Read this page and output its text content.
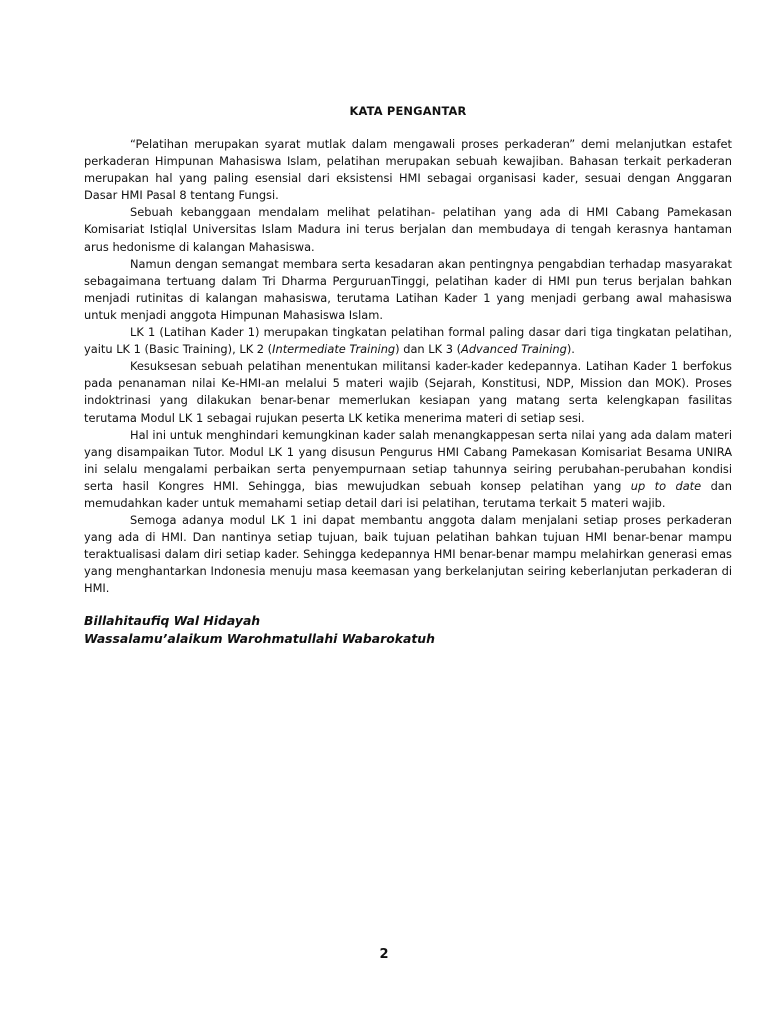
KATA PENGANTAR

“Pelatihan merupakan syarat mutlak dalam mengawali proses perkaderan” demi melanjutkan estafet perkaderan Himpunan Mahasiswa Islam, pelatihan merupakan sebuah kewajiban. Bahasan terkait perkaderan merupakan hal yang paling esensial dari eksistensi HMI sebagai organisasi kader, sesuai dengan Anggaran Dasar HMI Pasal 8 tentang Fungsi.

Sebuah kebanggaan mendalam melihat pelatihan- pelatihan yang ada di HMI Cabang Pamekasan Komisariat Istiqlal Universitas Islam Madura ini terus berjalan dan membudaya di tengah kerasnya hantaman arus hedonisme di kalangan Mahasiswa.

Namun dengan semangat membara serta kesadaran akan pentingnya pengabdian terhadap masyarakat sebagaimana tertuang dalam Tri Dharma PerguruanTinggi, pelatihan kader di HMI pun terus berjalan bahkan menjadi rutinitas di kalangan mahasiswa, terutama Latihan Kader 1 yang menjadi gerbang awal mahasiswa untuk menjadi anggota Himpunan Mahasiswa Islam.

LK 1 (Latihan Kader 1) merupakan tingkatan pelatihan formal paling dasar dari tiga tingkatan pelatihan, yaitu LK 1 (Basic Training), LK 2 (Intermediate Training) dan LK 3 (Advanced Training).

Kesuksesan sebuah pelatihan menentukan militansi kader-kader kedepannya. Latihan Kader 1 berfokus pada penanaman nilai Ke-HMI-an melalui 5 materi wajib (Sejarah, Konstitusi, NDP, Mission dan MOK). Proses indoktrinasi yang dilakukan benar-benar memerlukan kesiapan yang matang serta kelengkapan fasilitas terutama Modul LK 1 sebagai rujukan peserta LK ketika menerima materi di setiap sesi.

Hal ini untuk menghindari kemungkinan kader salah menangkappesan serta nilai yang ada dalam materi yang disampaikan Tutor. Modul LK 1 yang disusun Pengurus HMI Cabang Pamekasan Komisariat Besama UNIRA ini selalu mengalami perbaikan serta penyempurnaan setiap tahunnya seiring perubahan-perubahan kondisi serta hasil Kongres HMI. Sehingga, bias mewujudkan sebuah konsep pelatihan yang up to date dan memudahkan kader untuk memahami setiap detail dari isi pelatihan, terutama terkait 5 materi wajib.

Semoga adanya modul LK 1 ini dapat membantu anggota dalam menjalani setiap proses perkaderan yang ada di HMI. Dan nantinya setiap tujuan, baik tujuan pelatihan bahkan tujuan HMI benar-benar mampu teraktualisasi dalam diri setiap kader. Sehingga kedepannya HMI benar-benar mampu melahirkan generasi emas yang menghantarkan Indonesia menuju masa keemasan yang berkelanjutan seiring keberlanjutan perkaderan di HMI.

Billahitaufiq Wal Hidayah
Wassalamu’alaikum Warohmatullahi Wabarokatuh
2
